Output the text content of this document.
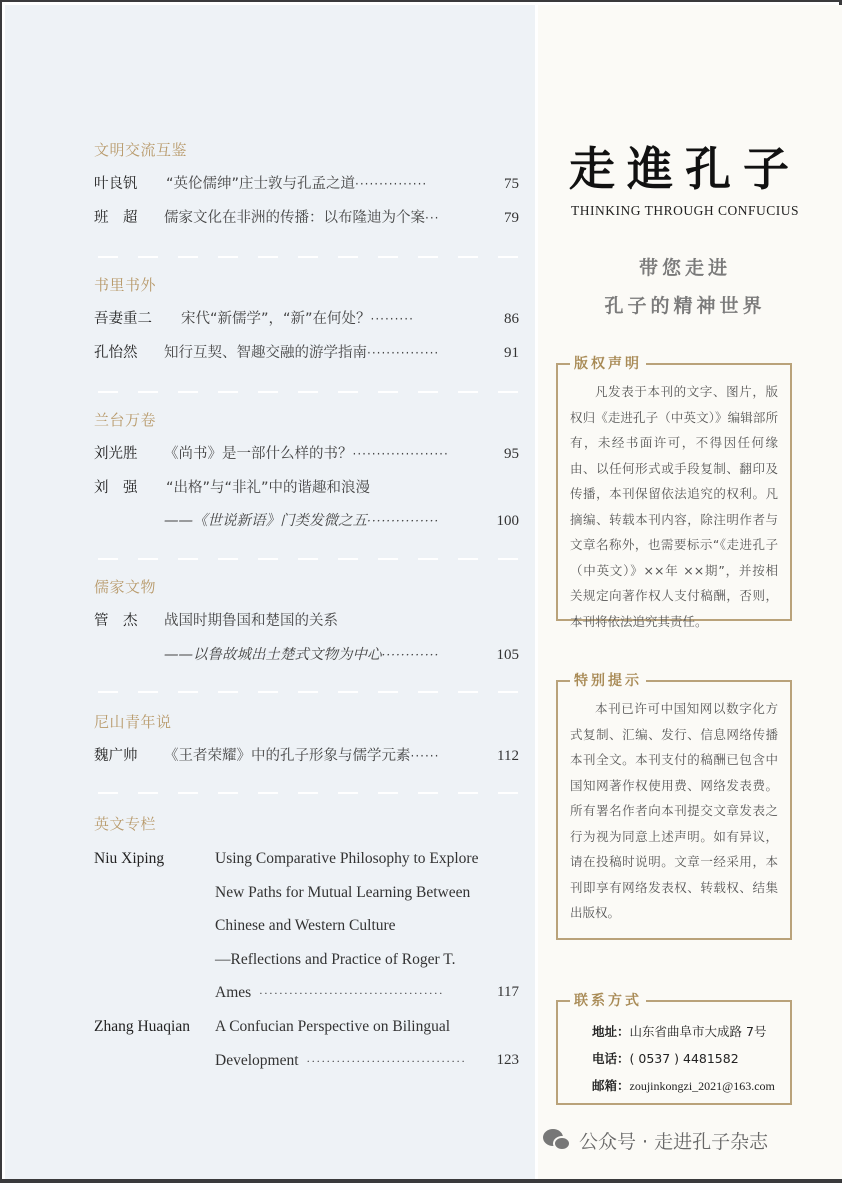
文明交流互鉴
叶良钒 “英伦儒绅”庄士敦与孔孟之道···············	75
班　超 儒家文化在非洲的传播：以布隆迪为个案···	79
书里书外
吾妻重二 宋代“新儒学”，“新”在何处？·········	86
孔怡然 知行互契、智趣交融的游学指南···············	91
兰台万卷
刘光胜 《尚书》是一部什么样的书？····················	95
刘　强 “出格”与“非礼”中的谐趣和浪漫
——《世说新语》门类发微之五···············	100
儒家文物
管　杰 战国时期鲁国和楚国的关系
——以鲁故城出土楚式文物为中心············	105
尼山青年说
魏广帅 《王者荣耀》中的孔子形象与儒学元素······	112
英文专栏
Niu Xiping	Using Comparative Philosophy to Explore
New Paths for Mutual Learning Between
Chinese and Western Culture
—Reflections and Practice of Roger T.
Ames ·····································	117
Zhang Huaqian A Confucian Perspective on Bilingual
Development ································ 123
走進孔子
THINKING THROUGH CONFUCIUS
带您走进
孔子的精神世界
版权声明
凡发表于本刊的文字、图片，版权归《走进孔子（中英文）》编辑部所有，未经书面许可，不得因任何缘由、以任何形式或手段复制、翻印及传播，本刊保留依法追究的权利。凡摘编、转载本刊内容，除注明作者与文章名称外，也需要标示“《走进孔子（中英文）》××年 ××期”，并按相关规定向著作权人支付稿酬，否则，本刊将依法追究其责任。
特别提示
本刊已许可中国知网以数字化方式复制、汇编、发行、信息网络传播本刊全文。本刊支付的稿酬已包含中国知网著作权使用费、网络发表费。所有署名作者向本刊提交文章发表之行为视为同意上述声明。如有异议，请在投稿时说明。文章一经采用，本刊即享有网络发表权、转载权、结集出版权。
联系方式
地址：山东省曲阜市大成路 7号
电话：( 0537 ) 4481582
邮箱：zoujinkongzi_2021@163.com
公众号 · 走进孔子杂志
